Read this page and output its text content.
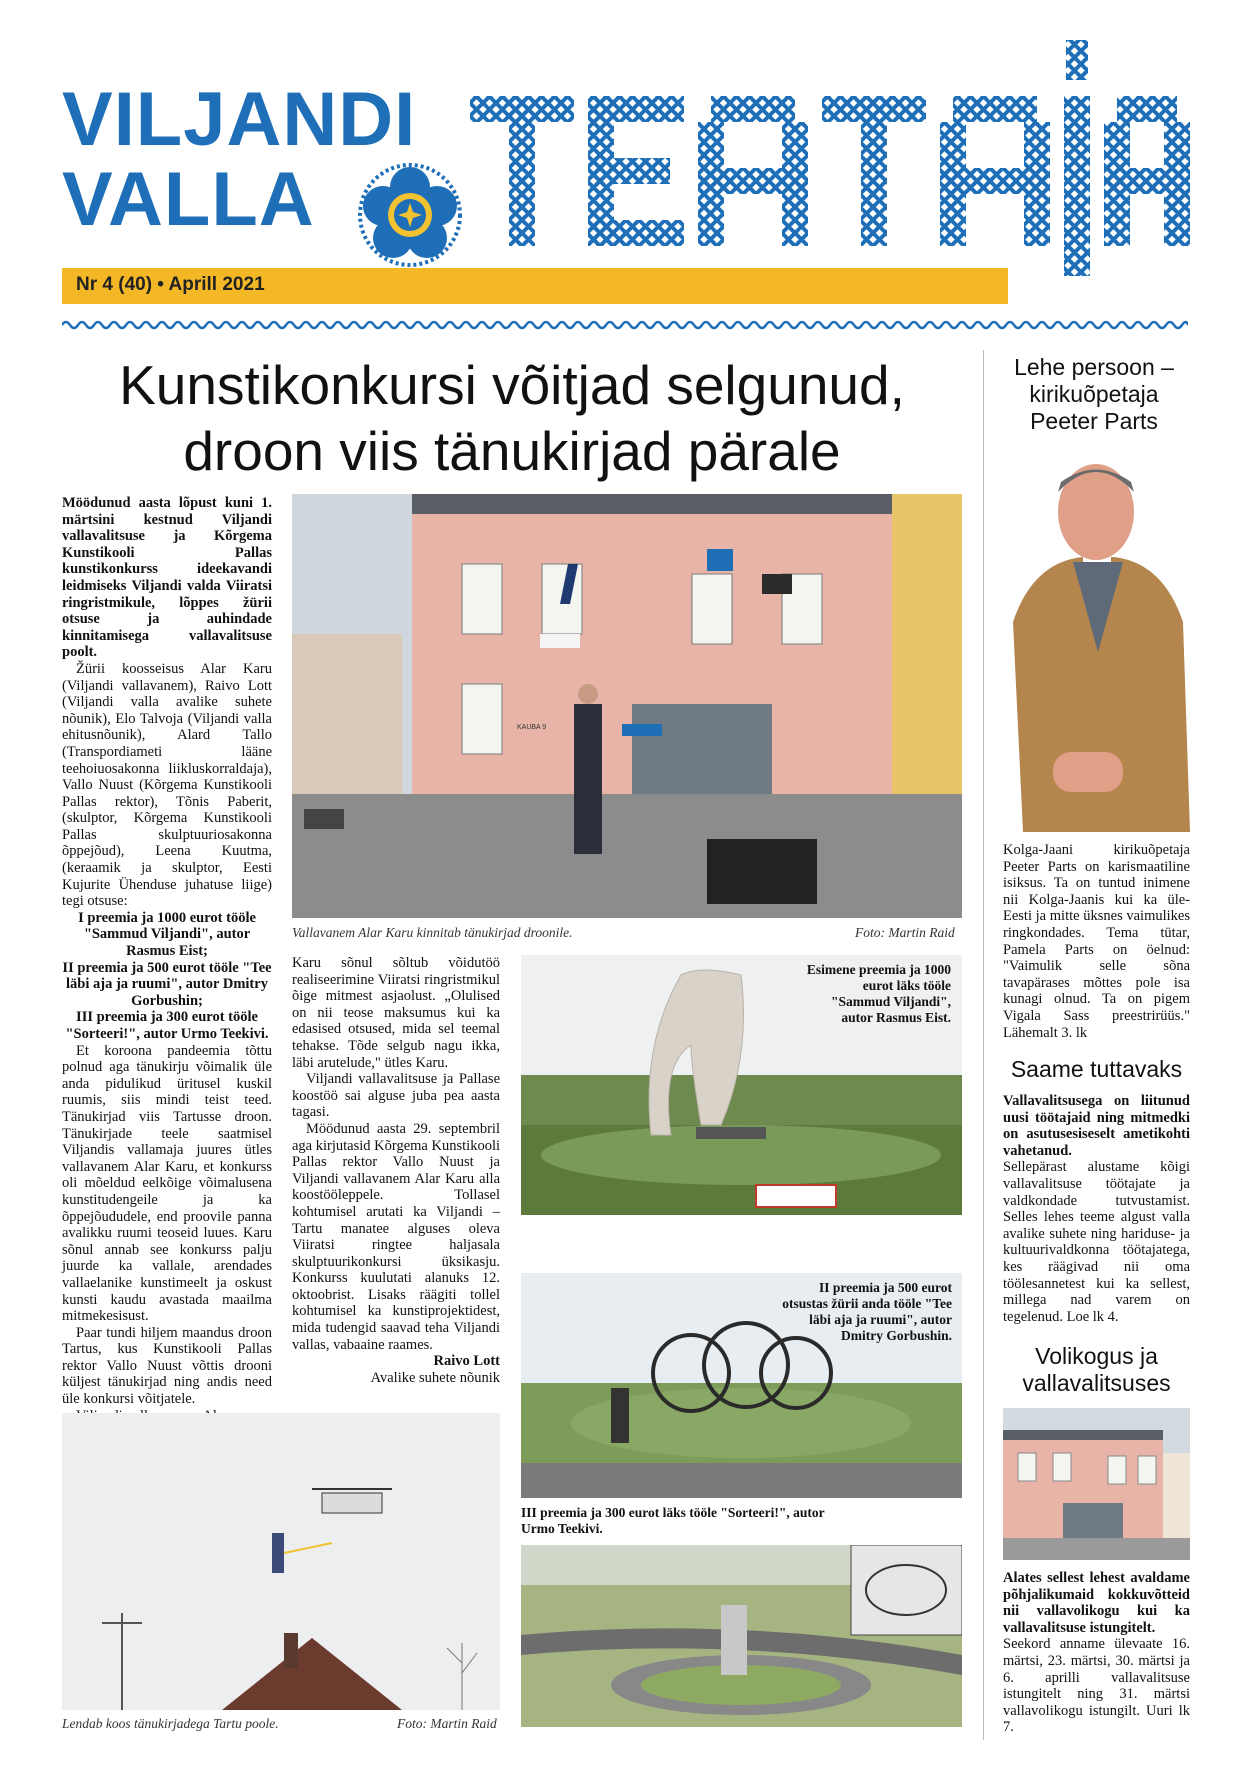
VILJANDI
VALLA
Nr 4 (40) • Aprill 2021
Kunstikonkursi võitjad selgunud,
droon viis tänukirjad pärale

Möödunud aasta lõpust kuni 1. märtsini kestnud Viljandi vallavalitsuse ja Kõrgema Kunstikooli Pallas kunstikonkurss ideekavandi leidmiseks Viljandi valda Viiratsi ringristmikule, lõppes žürii otsuse ja auhindade kinnitamisega vallavalitsuse poolt.

Žürii koosseisus Alar Karu (Viljandi vallavanem), Raivo Lott (Viljandi valla avalike suhete nõunik), Elo Talvoja (Viljandi valla ehitusnõunik), Alard Tallo (Transpordiameti lääne teehoiuosakonna liikluskorraldaja), Vallo Nuust (Kõrgema Kunstikooli Pallas rektor), Tõnis Paberit, (skulptor, Kõrgema Kunstikooli Pallas skulptuuriosakonna õppejõud), Leena Kuutma, (keraamik ja skulptor, Eesti Kujurite Ühenduse juhatuse liige) tegi otsuse:

I preemia ja 1000 eurot tööle "Sammud Viljandi", autor Rasmus Eist;

II preemia ja 500 eurot tööle "Tee läbi aja ja ruumi", autor Dmitry Gorbushin;

III preemia ja 300 eurot tööle "Sorteeri!", autor Urmo Teekivi.

Et koroona pandeemia tõttu polnud aga tänukirju võimalik üle anda pidulikud üritusel kuskil ruumis, siis mindi teist teed. Tänukirjad viis Tartusse droon. Tänukirjade teele saatmisel Viljandis vallamaja juures ütles vallavanem Alar Karu, et konkurss oli mõeldud eelkõige võimalusena kunstitudengeile ja ka õppejõududele, end proovile panna avalikku ruumi teoseid luues. Karu sõnul annab see konkurss palju juurde ka vallale, arendades vallaelanike kunstimeelt ja oskust kunsti kaudu avastada maailma mitmekesisust.

Paar tundi hiljem maandus droon Tartus, kus Kunstikooli Pallas rektor Vallo Nuust võttis drooni küljest tänukirjad ning andis need üle konkursi võitjatele.

KAUBA 9
Vallavanem Alar Karu kinnitab tänukirjad droonile.	Foto: Martin Raid

Karu sõnul sõltub võidutöö realiseerimine Viiratsi ringristmikul õige mitmest asjaolust. „Olulised on nii teose maksumus kui ka edasised otsused, mida sel teemal tehakse. Tõde selgub nagu ikka, läbi arutelude," ütles Karu.

Viljandi vallavalitsuse ja Pallase koostöö sai alguse juba pea aasta tagasi.

Möödunud aasta 29. septembril aga kirjutasid Kõrgema Kunstikooli Pallas rektor Vallo Nuust ja Viljandi vallavanem Alar Karu alla koostööleppele. Tollasel kohtumisel arutati ka Viljandi – Tartu manatee alguses oleva Viiratsi ringtee haljasala skulptuurikonkursi üksikasju. Konkurss kuulutati alanuks 12. oktoobrist. Lisaks räägiti tollel kohtumisel ka kunstiprojektidest, mida tudengid saavad teha Viljandi vallas, vabaaine raames.

Raivo Lott

Avalike suhete nõunik

Esimene preemia ja 1000 eurot läks tööle "Sammud Viljandi", autor Rasmus Eist.
II preemia ja 500 eurot otsustas žürii anda tööle "Tee läbi aja ja ruumi", autor Dmitry Gorbushin.
III preemia ja 300 eurot läks tööle "Sorteeri!", autor Urmo Teekivi.
Lendab koos tänukirjadega Tartu poole.	Foto: Martin Raid
Lehe persoon – kirikuõpetaja Peeter Parts
Kolga-Jaani kirikuõpetaja Peeter Parts on karismaatiline isiksus. Ta on tuntud inimene nii Kolga-Jaanis kui ka üle-Eesti ja mitte üksnes vaimulikes ringkondades. Tema tütar, Pamela Parts on öelnud: "Vaimulik selle sõna tavapärases mõttes pole isa kunagi olnud. Ta on pigem Vigala Sass preestrirüüs." Lähemalt 3. lk
Saame tuttavaks

Vallavalitsusega on liitunud uusi töötajaid ning mitmedki on asutusesiseselt ametikohti vahetanud.

Sellepärast alustame kõigi vallavalitsuse töötajate ja valdkondade tutvustamist. Selles lehes teeme algust valla avalike suhete ning hariduse- ja kultuurivaldkonna töötajatega, kes räägivad nii oma töölesannetest kui ka sellest, millega nad varem on tegelenud. Loe lk 4.

Volikogus ja vallavalitsuses

Alates sellest lehest avaldame põhjalikumaid kokkuvõtteid nii vallavolikogu kui ka vallavalitsuse istungitelt.

Seekord anname ülevaate 16. märtsi, 23. märtsi, 30. märtsi ja 6. aprilli vallavalitsuse istungitelt ning 31. märtsi vallavolikogu istungilt. Uuri lk 7.
